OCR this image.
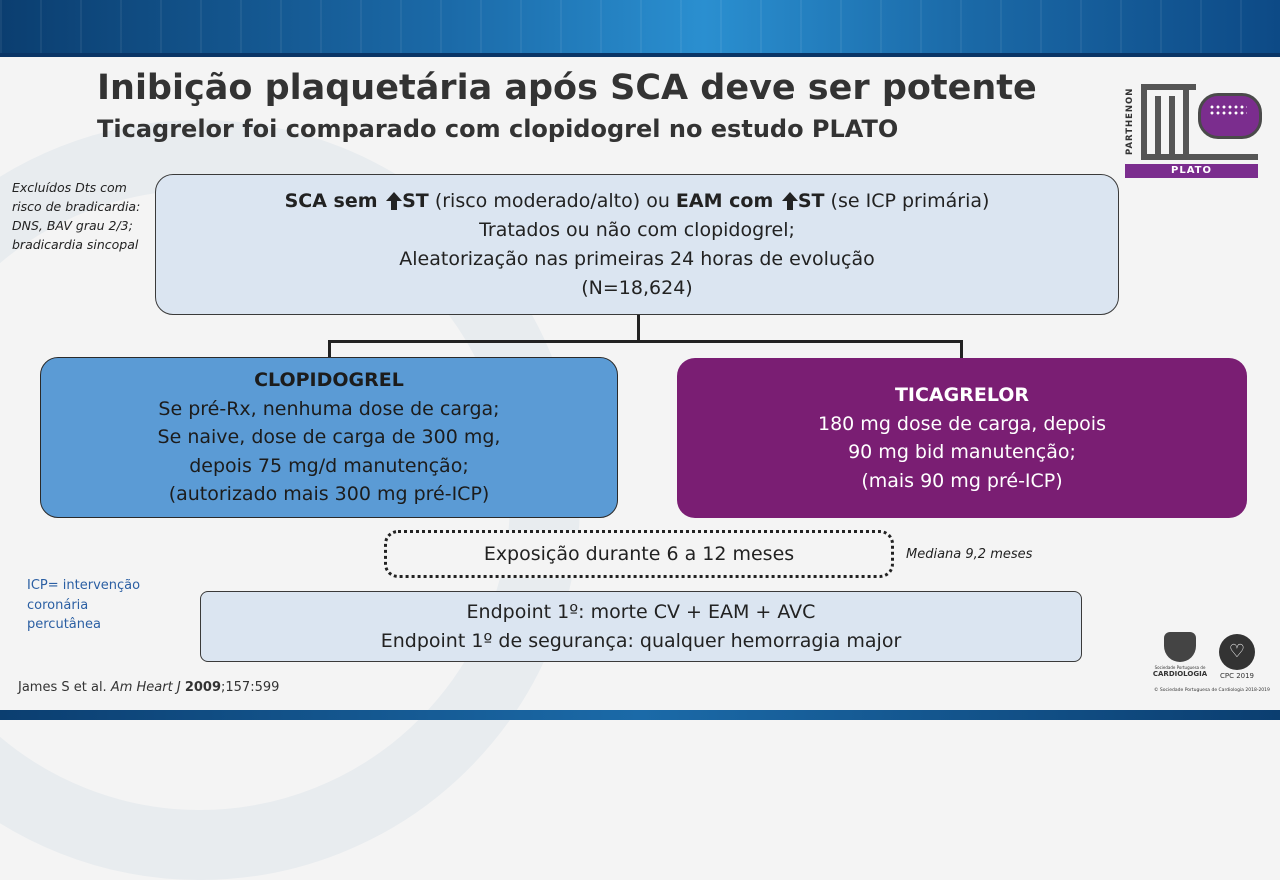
Inibição plaquetária após SCA deve ser potente
Ticagrelor foi comparado com clopidogrel no estudo PLATO	PARTHENON
PLATO
Excluídos Dts com risco de bradicardia: DNS, BAV grau 2/3; bradicardia sincopal
SCA sem ST (risco moderado/alto) ou EAM com ST (se ICP primária)
Tratados ou não com clopidogrel;
Aleatorização nas primeiras 24 horas de evolução
(N=18,624)
CLOPIDOGREL
Se pré-Rx, nenhuma dose de carga;
Se naive, dose de carga de 300 mg,
depois 75 mg/d manutenção;
(autorizado mais 300 mg pré-ICP)
TICAGRELOR
180 mg dose de carga, depois
90 mg bid manutenção;
(mais 90 mg pré-ICP)
Exposição durante 6 a 12 meses	Mediana 9,2 meses
ICP= intervenção coronária percutânea
Endpoint 1º: morte CV + EAM + AVC
Endpoint 1º de segurança: qualquer hemorragia major
James S et al. Am Heart J 2009;157:599
Sociedade Portuguesa de
CARDIOLOGIA
♡
CPC 2019
© Sociedade Portuguesa de Cardiologia 2018-2019
